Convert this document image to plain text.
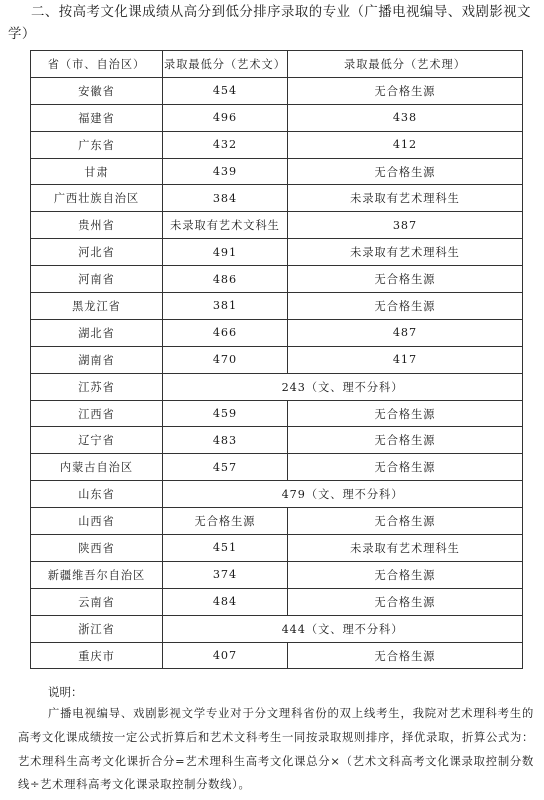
二、按高考文化课成绩从高分到低分排序录取的专业（广播电视编导、戏剧影视文学）

省（市、自治区）	录取最低分（艺术文）	录取最低分（艺术理）
安徽省	454	无合格生源
福建省	496	438
广东省	432	412
甘肃	439	无合格生源
广西壮族自治区	384	未录取有艺术理科生
贵州省	未录取有艺术文科生	387
河北省	491	未录取有艺术理科生
河南省	486	无合格生源
黑龙江省	381	无合格生源
湖北省	466	487
湖南省	470	417
江苏省	243（文、理不分科）	
江西省	459	无合格生源
辽宁省	483	无合格生源
内蒙古自治区	457	无合格生源
山东省	479（文、理不分科）	
山西省	无合格生源	无合格生源
陕西省	451	未录取有艺术理科生
新疆维吾尔自治区	374	无合格生源
云南省	484	无合格生源
浙江省	444（文、理不分科）	
重庆市	407	无合格生源
说明：

广播电视编导、戏剧影视文学专业对于分文理科省份的双上线考生，我院对艺术理科考生的高考文化课成绩按一定公式折算后和艺术文科考生一同按录取规则排序，择优录取，折算公式为：艺术理科生高考文化课折合分=艺术理科生高考文化课总分×（艺术文科高考文化课录取控制分数线÷艺术理科高考文化课录取控制分数线）。
